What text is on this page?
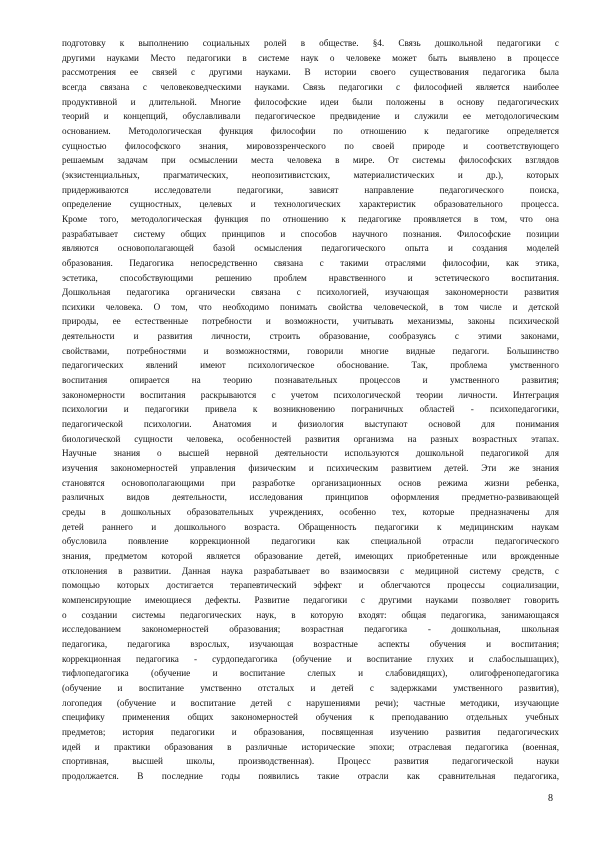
подготовку к выполнению социальных ролей в обществе. §4. Связь дошкольной педагогики с
другими науками Место педагогики в системе наук о человеке может быть выявлено в процессе
рассмотрения ее связей с другими науками. В истории своего существования педагогика была
всегда связана с человековедческими науками. Связь педагогики с философией является наиболее
продуктивной и длительной. Многие философские идеи были положены в основу педагогических
теорий и концепций, обуславливали педагогическое предвидение и служили ее методологическим
основанием. Методологическая функция философии по отношению к педагогике определяется
сущностью философского знания, мировоззренческого по своей природе и соответствующего
решаемым задачам при осмыслении места человека в мире. От системы философских взглядов
(экзистенциальных, прагматических, неопозитивистских, материалистических и др.), которых
придерживаются исследователи педагогики, зависят направление педагогического поиска,
определение сущностных, целевых и технологических характеристик образовательного процесса.
Кроме того, методологическая функция по отношению к педагогике проявляется в том, что она
разрабатывает систему общих принципов и способов научного познания. Философские позиции
являются основополагающей базой осмысления педагогического опыта и создания моделей
образования. Педагогика непосредственно связана с такими отраслями философии, как этика,
эстетика, способствующими решению проблем нравственного и эстетического воспитания.
Дошкольная педагогика органически связана с психологией, изучающая закономерности развития
психики человека. О том, что необходимо понимать свойства человеческой, в том числе и детской
природы, ее естественные потребности и возможности, учитывать механизмы, законы психической
деятельности и развития личности, строить образование, сообразуясь с этими законами,
свойствами, потребностями и возможностями, говорили многие видные педагоги. Большинство
педагогических явлений имеют психологическое обоснование. Так, проблема умственного
воспитания опирается на теорию познавательных процессов и умственного развития;
закономерности воспитания раскрываются с учетом психологической теории личности. Интеграция
психологии и педагогики привела к возникновению пограничных областей - психопедагогики,
педагогической психологии. Анатомия и физиология выступают основой для понимания
биологической сущности человека, особенностей развития организма на разных возрастных этапах.
Научные знания о высшей нервной деятельности используются дошкольной педагогикой для
изучения закономерностей управления физическим и психическим развитием детей. Эти же знания
становятся основополагающими при разработке организационных основ режима жизни ребенка,
различных видов деятельности, исследования принципов оформления предметно-развивающей
среды в дошкольных образовательных учреждениях, особенно тех, которые предназначены для
детей раннего и дошкольного возраста. Обращенность педагогики к медицинским наукам
обусловила появление коррекционной педагогики как специальной отрасли педагогического
знания, предметом которой является образование детей, имеющих приобретенные или врожденные
отклонения в развитии. Данная наука разрабатывает во взаимосвязи с медициной систему средств, с
помощью которых достигается терапевтический эффект и облегчаются процессы социализации,
компенсирующие имеющиеся дефекты. Развитие педагогики с другими науками позволяет говорить
о создании системы педагогических наук, в которую входят: общая педагогика, занимающаяся
исследованием закономерностей образования; возрастная педагогика - дошкольная, школьная
педагогика, педагогика взрослых, изучающая возрастные аспекты обучения и воспитания;
коррекционная педагогика - сурдопедагогика (обучение и воспитание глухих и слабослышащих),
тифлопедагогика (обучение и воспитание слепых и слабовидящих), олигофренопедагогика
(обучение и воспитание умственно отсталых и детей с задержками умственного развития),
логопедия (обучение и воспитание детей с нарушениями речи); частные методики, изучающие
специфику применения общих закономерностей обучения к преподаванию отдельных учебных
предметов; история педагогики и образования, посвященная изучению развития педагогических
идей и практики образования в различные исторические эпохи; отраслевая педагогика (военная,
спортивная, высшей школы, производственная). Процесс развития педагогической науки
продолжается. В последние годы появились такие отрасли как сравнительная педагогика,
8
